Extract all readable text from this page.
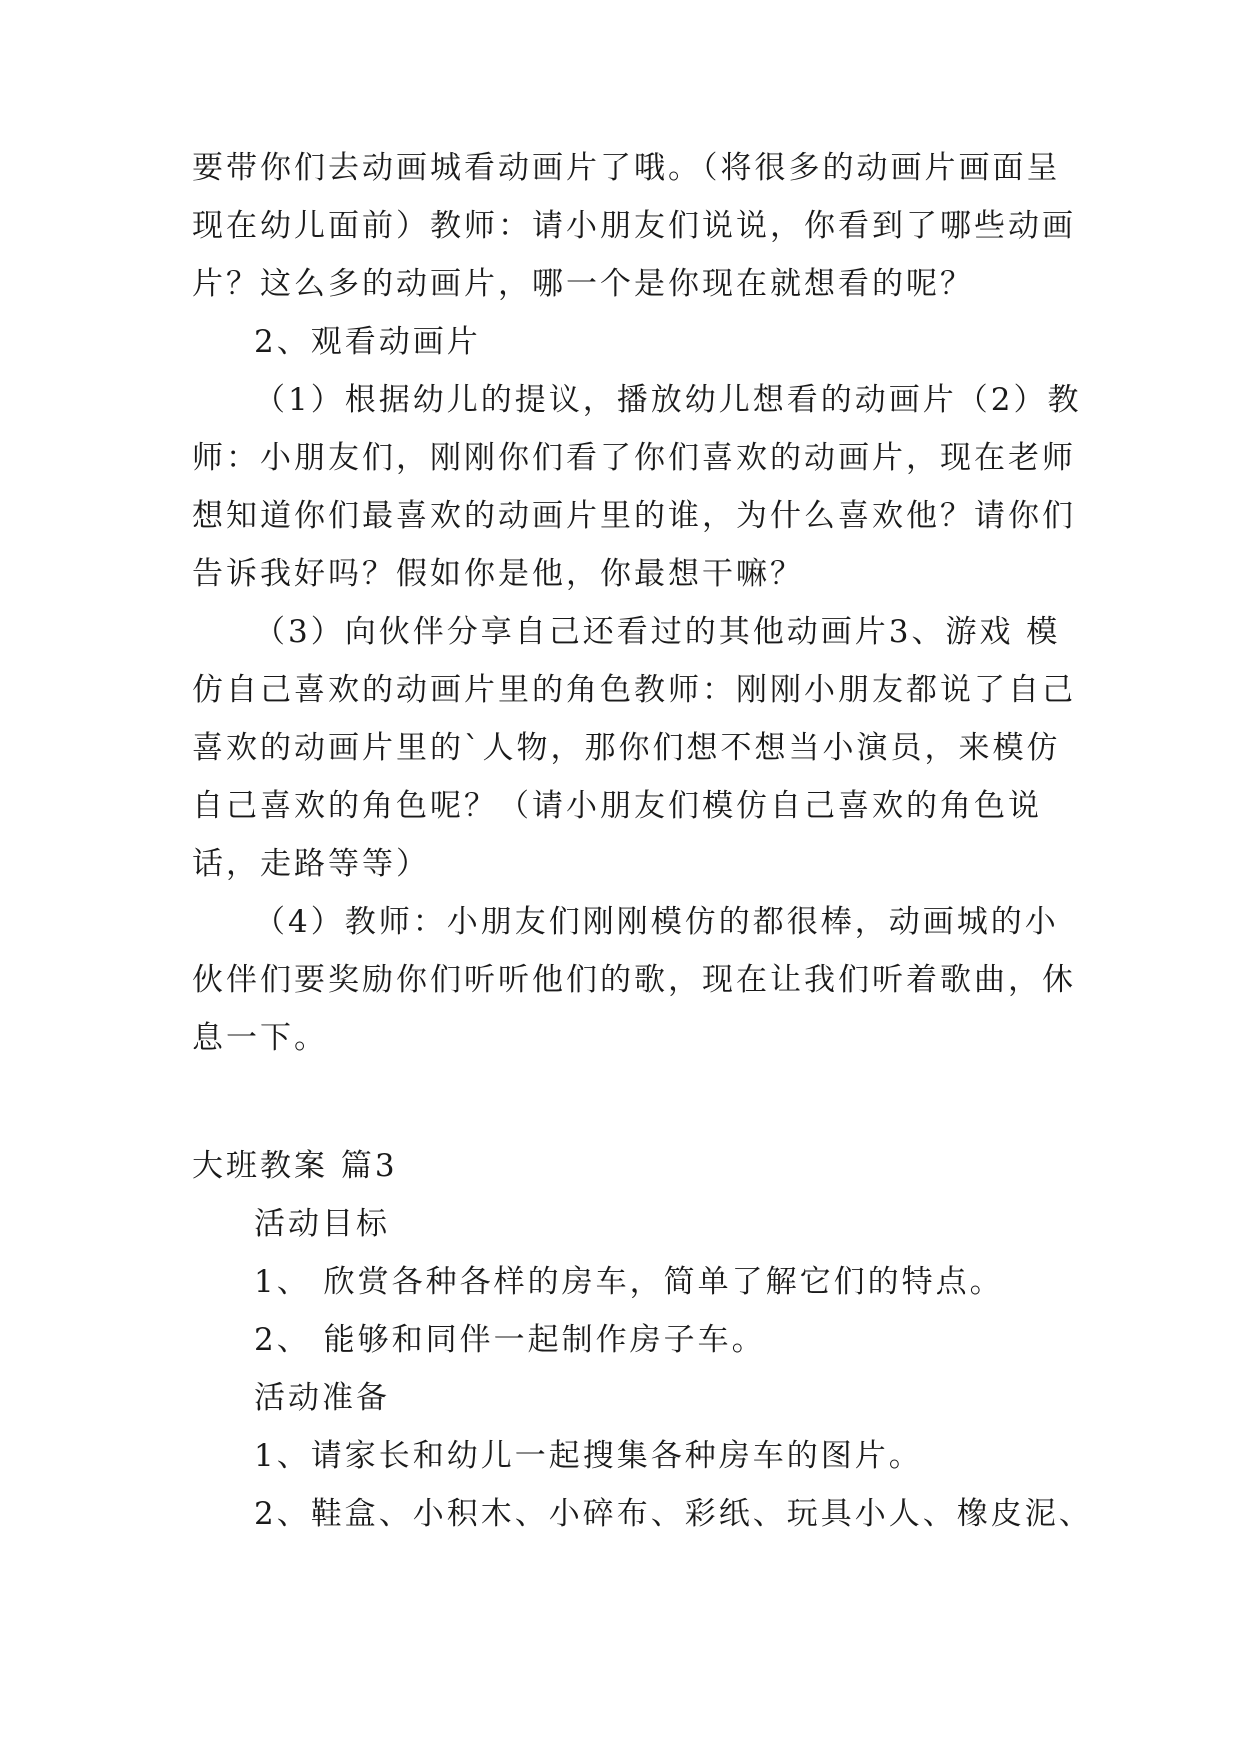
要带你们去动画城看动画片了哦。（将很多的动画片画面呈
现在幼儿面前）教师：请小朋友们说说，你看到了哪些动画
片？这么多的动画片，哪一个是你现在就想看的呢？
2、观看动画片
（1）根据幼儿的提议，播放幼儿想看的动画片（2）教
师：小朋友们，刚刚你们看了你们喜欢的动画片，现在老师
想知道你们最喜欢的动画片里的谁，为什么喜欢他？请你们
告诉我好吗？假如你是他，你最想干嘛？
（3）向伙伴分享自己还看过的其他动画片3、游戏 模
仿自己喜欢的动画片里的角色教师：刚刚小朋友都说了自己
喜欢的动画片里的`人物，那你们想不想当小演员，来模仿
自己喜欢的角色呢？（请小朋友们模仿自己喜欢的角色说
话，走路等等）
（4）教师：小朋友们刚刚模仿的都很棒，动画城的小
伙伴们要奖励你们听听他们的歌，现在让我们听着歌曲，休
息一下。
大班教案 篇3
活动目标
1、 欣赏各种各样的房车，简单了解它们的特点。
2、 能够和同伴一起制作房子车。
活动准备
1、请家长和幼儿一起搜集各种房车的图片。
2、鞋盒、小积木、小碎布、彩纸、玩具小人、橡皮泥、
